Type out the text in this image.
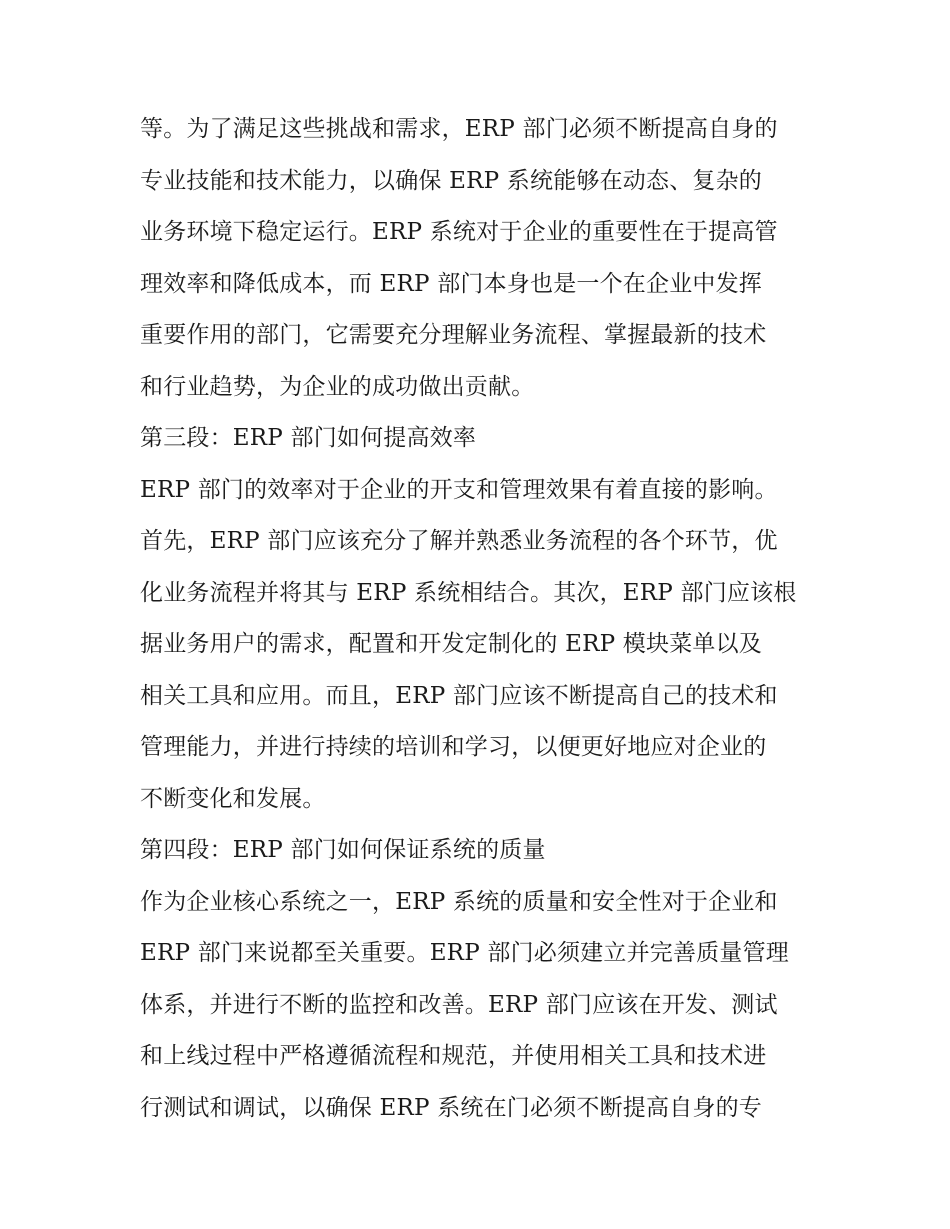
等。为了满足这些挑战和需求，ERP 部门必须不断提高自身的
专业技能和技术能力，以确保 ERP 系统能够在动态、复杂的
业务环境下稳定运行。ERP 系统对于企业的重要性在于提高管
理效率和降低成本，而 ERP 部门本身也是一个在企业中发挥
重要作用的部门，它需要充分理解业务流程、掌握最新的技术
和行业趋势，为企业的成功做出贡献。
第三段：ERP 部门如何提高效率
ERP 部门的效率对于企业的开支和管理效果有着直接的影响。
首先，ERP 部门应该充分了解并熟悉业务流程的各个环节，优
化业务流程并将其与 ERP 系统相结合。其次，ERP 部门应该根
据业务用户的需求，配置和开发定制化的 ERP 模块菜单以及
相关工具和应用。而且，ERP 部门应该不断提高自己的技术和
管理能力，并进行持续的培训和学习，以便更好地应对企业的
不断变化和发展。
第四段：ERP 部门如何保证系统的质量
作为企业核心系统之一，ERP 系统的质量和安全性对于企业和
ERP 部门来说都至关重要。ERP 部门必须建立并完善质量管理
体系，并进行不断的监控和改善。ERP 部门应该在开发、测试
和上线过程中严格遵循流程和规范，并使用相关工具和技术进
行测试和调试，以确保 ERP 系统在门必须不断提高自身的专
